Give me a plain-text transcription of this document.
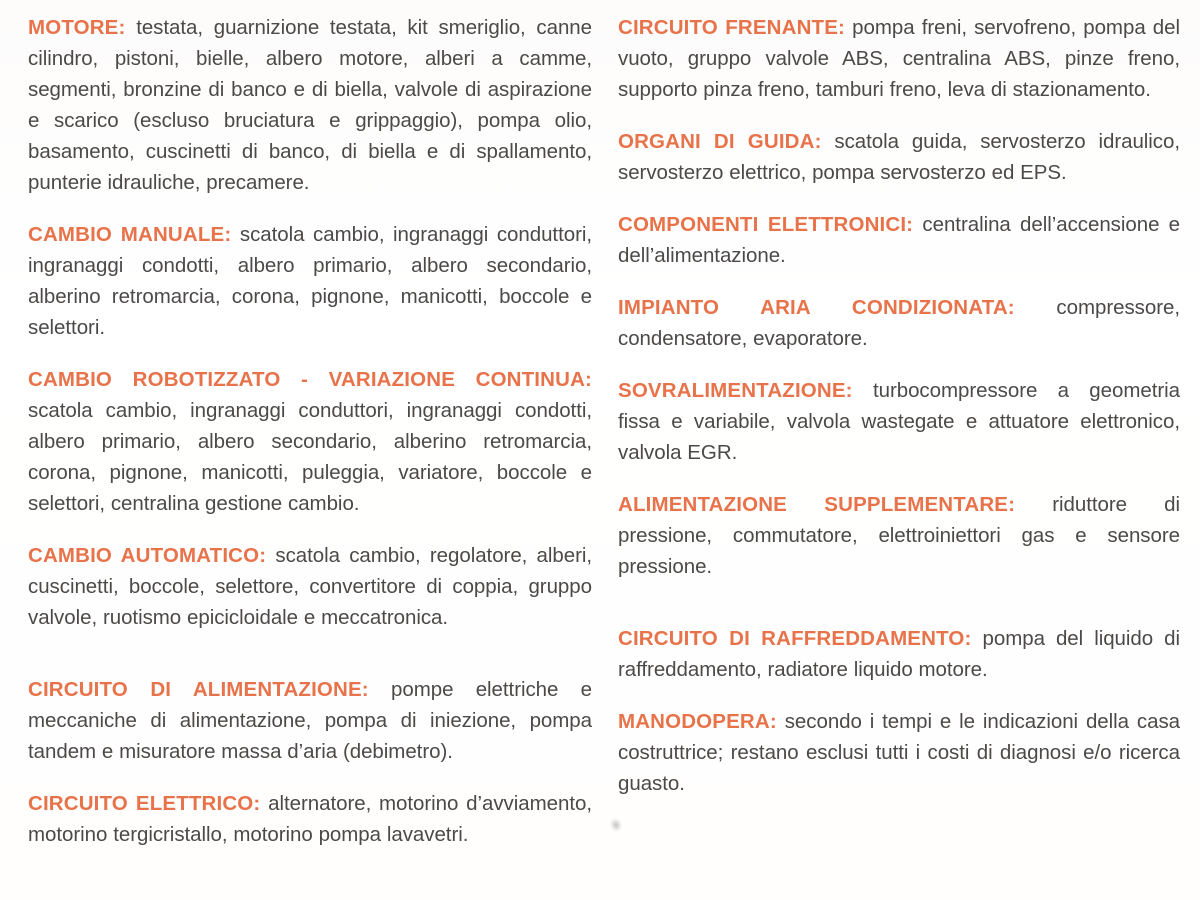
MOTORE: testata, guarnizione testata, kit smeriglio, canne cilindro, pistoni, bielle, albero motore, alberi a camme, segmenti, bronzine di banco e di biella, valvole di aspirazione e scarico (escluso bruciatura e grippaggio), pompa olio, basamento, cuscinetti di banco, di biella e di spallamento, punterie idrauliche, precamere.

CAMBIO MANUALE: scatola cambio, ingranaggi conduttori, ingranaggi condotti, albero primario, albero secondario, alberino retromarcia, corona, pignone, manicotti, boccole e selettori.

CAMBIO ROBOTIZZATO - VARIAZIONE CONTINUA: scatola cambio, ingranaggi conduttori, ingranaggi condotti, albero primario, albero secondario, alberino retromarcia, corona, pignone, manicotti, puleggia, variatore, boccole e selettori, centralina gestione cambio.

CAMBIO AUTOMATICO: scatola cambio, regolatore, alberi, cuscinetti, boccole, selettore, convertitore di coppia, gruppo valvole, ruotismo epicicloidale e meccatronica.

CIRCUITO DI ALIMENTAZIONE: pompe elettriche e meccaniche di alimentazione, pompa di iniezione, pompa tandem e misuratore massa d’aria (debimetro).

CIRCUITO ELETTRICO: alternatore, motorino d’avviamento, motorino tergicristallo, motorino pompa lavavetri.

CIRCUITO FRENANTE: pompa freni, servofreno, pompa del vuoto, gruppo valvole ABS, centralina ABS, pinze freno, supporto pinza freno, tamburi freno, leva di stazionamento.

ORGANI DI GUIDA: scatola guida, servosterzo idraulico, servosterzo elettrico, pompa servosterzo ed EPS.

COMPONENTI ELETTRONICI: centralina dell’accensione e dell’alimentazione.

IMPIANTO ARIA CONDIZIONATA: compressore, condensatore, evaporatore.

SOVRALIMENTAZIONE: turbocompressore a geometria fissa e variabile, valvola wastegate e attuatore elettronico, valvola EGR.

ALIMENTAZIONE SUPPLEMENTARE: riduttore di pressione, commutatore, elettroiniettori gas e sensore pressione.

CIRCUITO DI RAFFREDDAMENTO: pompa del liquido di raffreddamento, radiatore liquido motore.

MANODOPERA: secondo i tempi e le indicazioni della casa costruttrice; restano esclusi tutti i costi di diagnosi e/o ricerca guasto.
